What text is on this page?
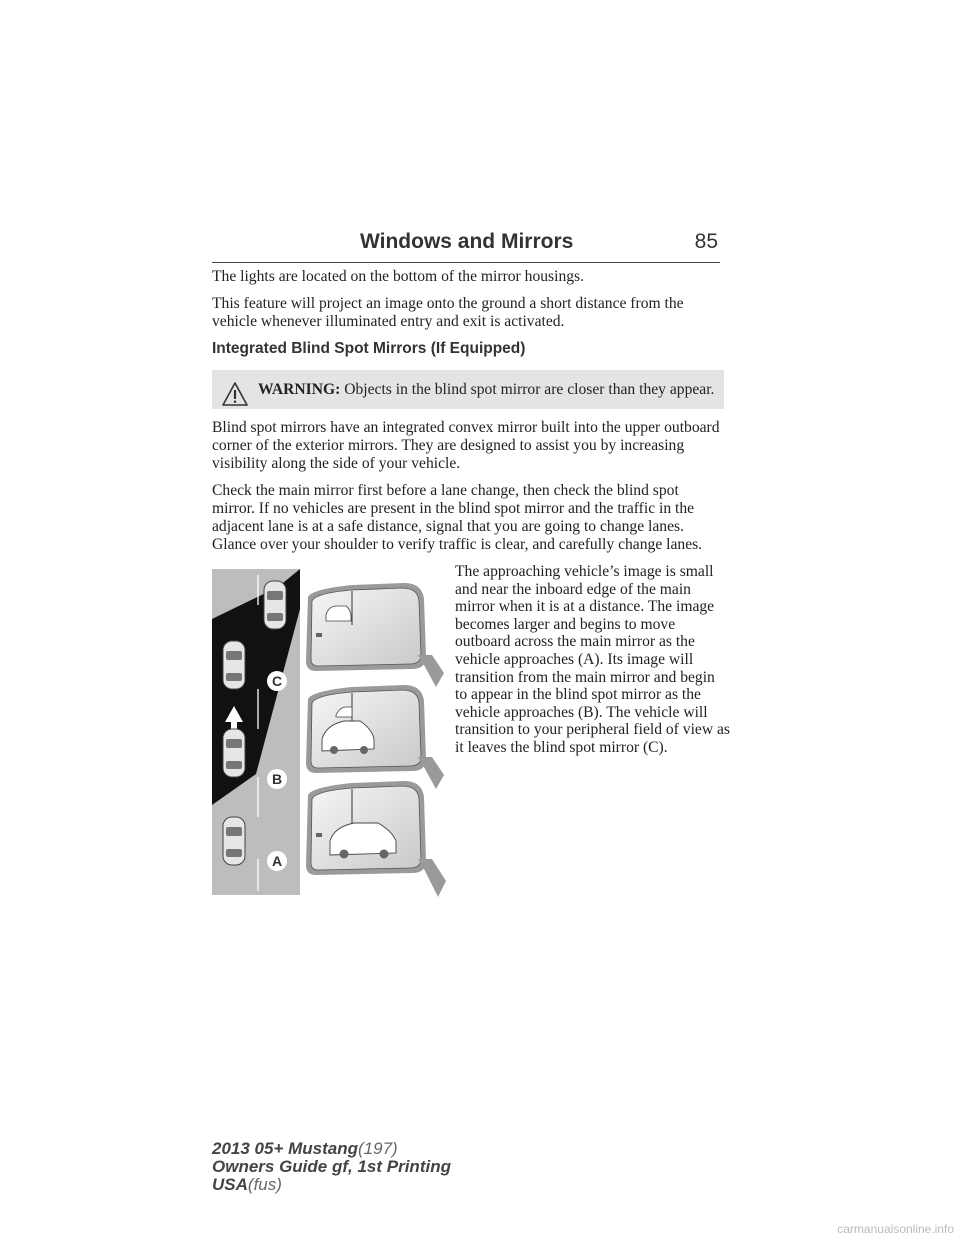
Windows and Mirrors	85

The lights are located on the bottom of the mirror housings.

This feature will project an image onto the ground a short distance from the vehicle whenever illuminated entry and exit is activated.

Integrated Blind Spot Mirrors (If Equipped)
WARNING: Objects in the blind spot mirror are closer than they appear.

Blind spot mirrors have an integrated convex mirror built into the upper outboard corner of the exterior mirrors. They are designed to assist you by increasing visibility along the side of your vehicle.

Check the main mirror first before a lane change, then check the blind spot mirror. If no vehicles are present in the blind spot mirror and the traffic in the adjacent lane is at a safe distance, signal that you are going to change lanes. Glance over your shoulder to verify traffic is clear, and carefully change lanes.

C
B
A

The approaching vehicle’s image is small and near the inboard edge of the main mirror when it is at a distance. The image becomes larger and begins to move outboard across the main mirror as the vehicle approaches (A). Its image will transition from the main mirror and begin to appear in the blind spot mirror as the vehicle approaches (B). The vehicle will transition to your peripheral field of view as it leaves the blind spot mirror (C).

2013 05+ Mustang(197)
Owners Guide gf, 1st Printing
USA(fus)
carmanualsonline.info
